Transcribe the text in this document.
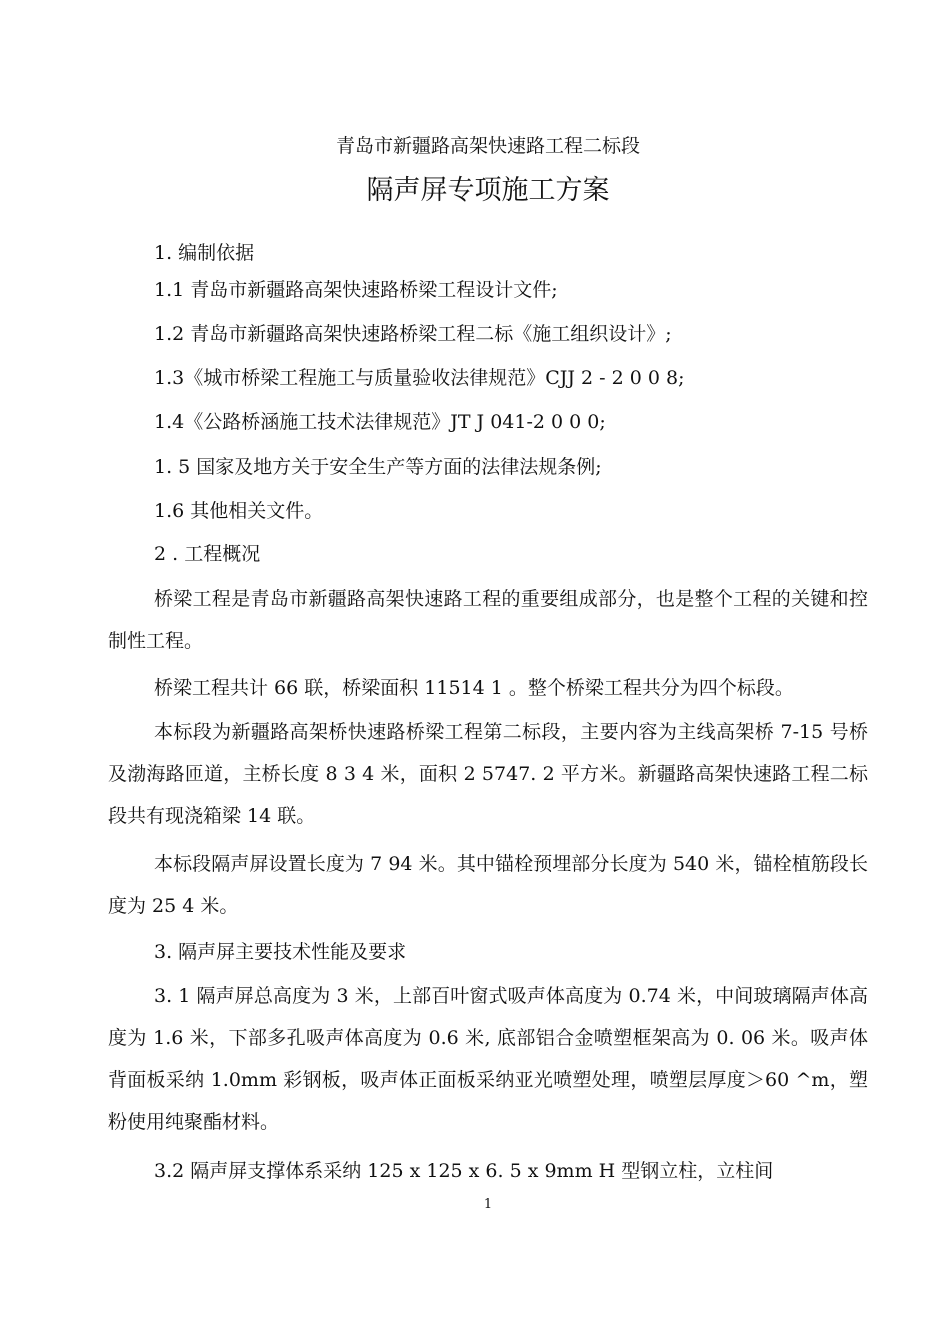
青岛市新疆路高架快速路工程二标段
隔声屏专项施工方案

1. 编制依据

1.1 青岛市新疆路高架快速路桥梁工程设计文件;

1.2 青岛市新疆路高架快速路桥梁工程二标《施工组织设计》;

1.3《城市桥梁工程施工与质量验收法律规范》CJJ 2 - 2 0 0 8;

1.4《公路桥涵施工技术法律规范》JT J 041-2 0 0 0;

1. 5 国家及地方关于安全生产等方面的法律法规条例;

1.6 其他相关文件。

2 . 工程概况

桥梁工程是青岛市新疆路高架快速路工程的重要组成部分，也是整个工程的关键和控制性工程。

桥梁工程共计 66 联，桥梁面积 11514 1 。整个桥梁工程共分为四个标段。

本标段为新疆路高架桥快速路桥梁工程第二标段，主要内容为主线高架桥 7-15 号桥及渤海路匝道，主桥长度 8 3 4 米，面积 2 5747. 2 平方米。新疆路高架快速路工程二标段共有现浇箱梁 14 联。

本标段隔声屏设置长度为 7 94 米。其中锚栓预埋部分长度为 540 米，锚栓植筋段长度为 25 4 米。

3. 隔声屏主要技术性能及要求

3. 1 隔声屏总高度为 3 米，上部百叶窗式吸声体高度为 0.74 米，中间玻璃隔声体高度为 1.6 米，下部多孔吸声体高度为 0.6 米, 底部铝合金喷塑框架高为 0. 06 米。吸声体背面板采纳 1.0mm 彩钢板，吸声体正面板采纳亚光喷塑处理，喷塑层厚度＞60 ^m，塑粉使用纯聚酯材料。

3.2 隔声屏支撑体系采纳 125 x 125 x 6. 5 x 9mm H 型钢立柱，立柱间

1
